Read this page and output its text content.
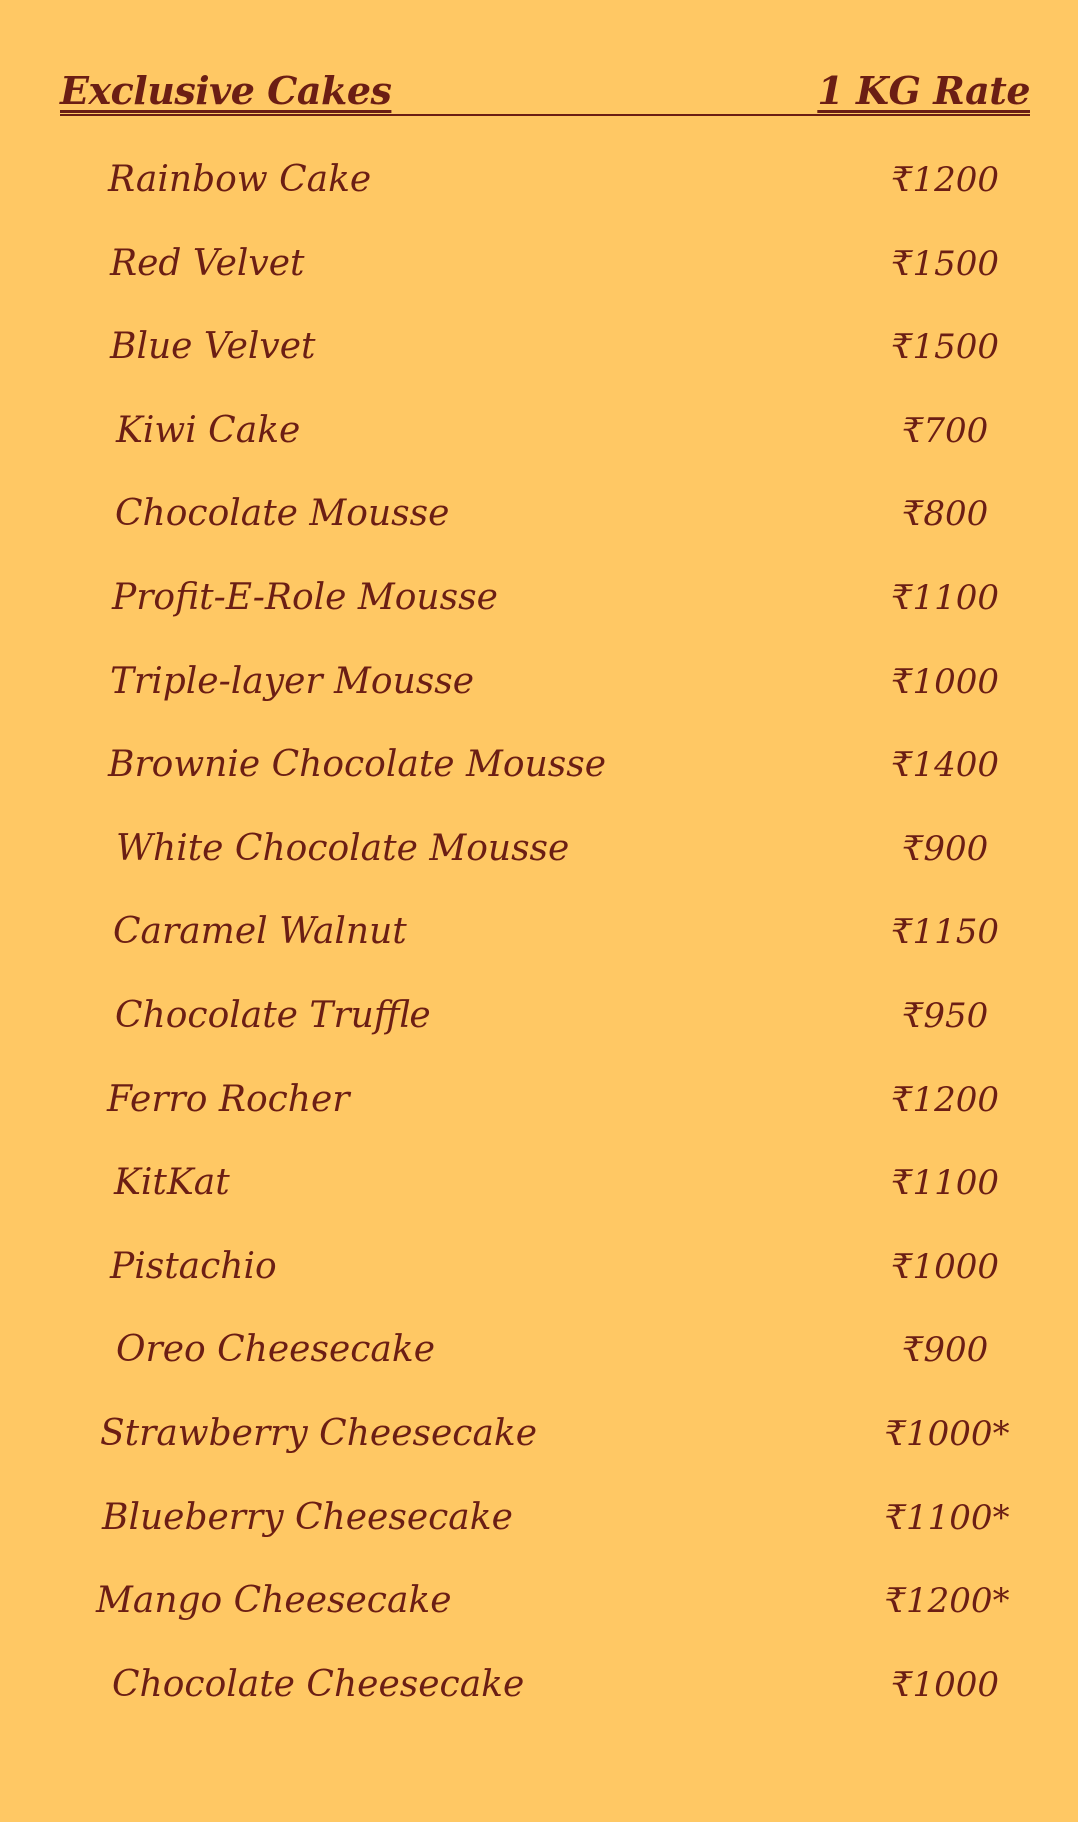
Exclusive Cakes	1 KG Rate
Rainbow Cake	₹1200
Red Velvet	₹1500
Blue Velvet	₹1500
Kiwi Cake	₹700
Chocolate Mousse	₹800
Profit-E-Role Mousse	₹1100
Triple-layer Mousse	₹1000
Brownie Chocolate Mousse	₹1400
White Chocolate Mousse	₹900
Caramel Walnut	₹1150
Chocolate Truffle	₹950
Ferro Rocher	₹1200
KitKat	₹1100
Pistachio	₹1000
Oreo Cheesecake	₹900
Strawberry Cheesecake	₹1000*
Blueberry Cheesecake	₹1100*
Mango Cheesecake	₹1200*
Chocolate Cheesecake	₹1000
